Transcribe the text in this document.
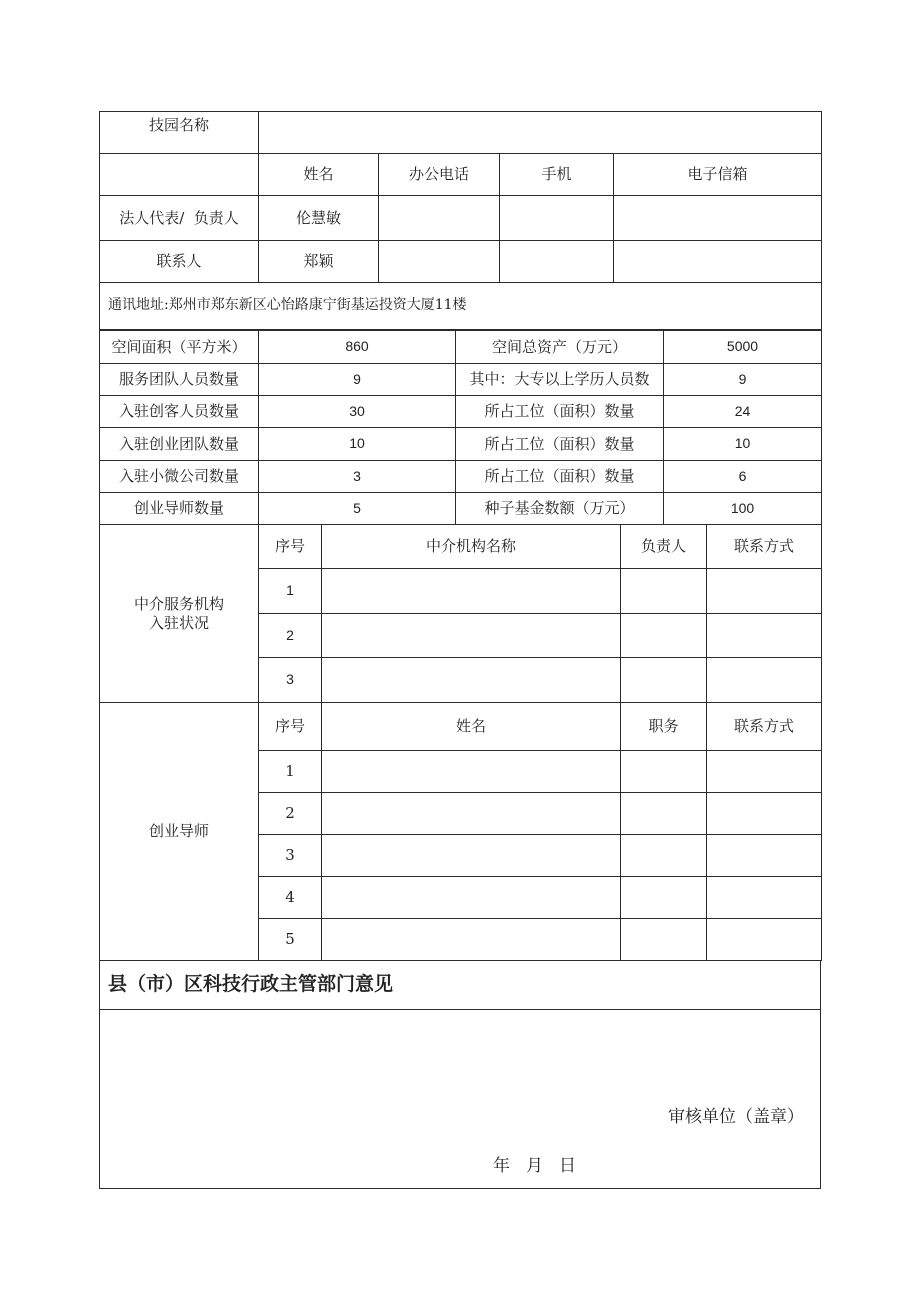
技园名称				
	姓名	办公电话	手机	电子信箱
法人代表/  负责人	伦慧敏			
联系人	郑颖			
通讯地址:郑州市郑东新区心怡路康宁街基运投资大厦11楼				
空间面积（平方米）	860	空间总资产（万元）	5000
服务团队人员数量	9	其中：大专以上学历人员数	9
入驻创客人员数量	30	所占工位（面积）数量	24
入驻创业团队数量	10	所占工位（面积）数量	10
入驻小微公司数量	3	所占工位（面积）数量	6
创业导师数量	5	种子基金数额（万元）	100
中介服务机构
入驻状况	序号	中介机构名称	负责人	联系方式
	1			
	2			
	3			
创业导师	序号	姓名	职务	联系方式
	1			
	2			
	3			
	4			
	5			
县（市）区科技行政主管部门意见

审核单位（盖章）
年 月 日
